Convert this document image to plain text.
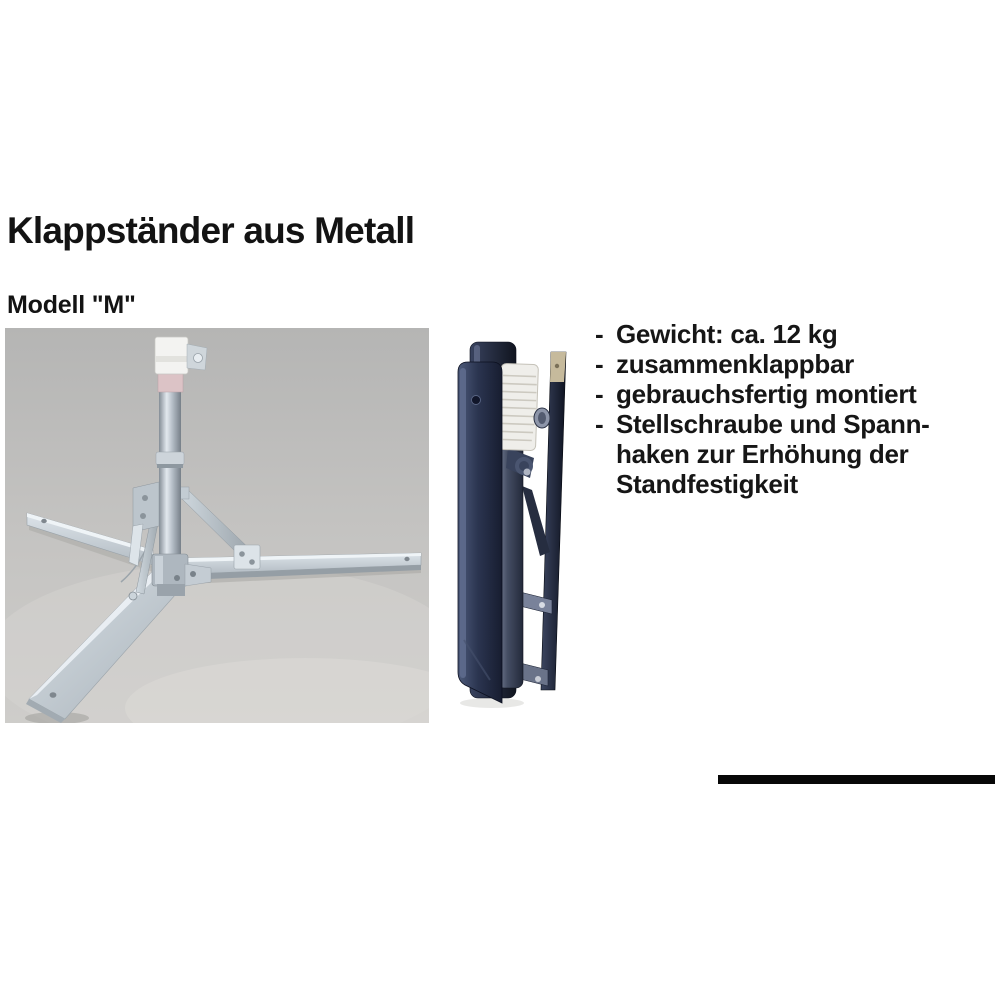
Klappständer aus Metall
Modell "M"
- Gewicht: ca. 12 kg
- zusammenklappbar
- gebrauchsfertig montiert
- Stellschraube und Spann-
haken zur Erhöhung der
Standfestigkeit
